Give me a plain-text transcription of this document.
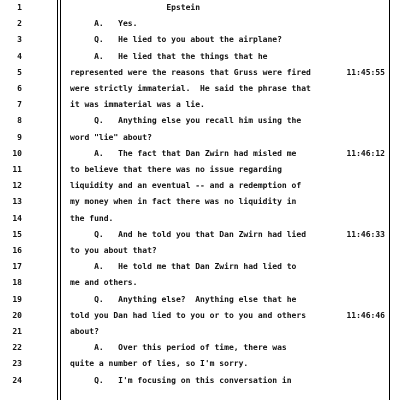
1	Epstein
2	A.   Yes.
3	Q.   He lied to you about the airplane?
4	A.   He lied that the things that he
5	represented were the reasons that Gruss were fired	11:45:55
6	were strictly immaterial.  He said the phrase that
7	it was immaterial was a lie.
8	Q.   Anything else you recall him using the
9	word "lie" about?
10	A.   The fact that Dan Zwirn had misled me	11:46:12
11	to believe that there was no issue regarding
12	liquidity and an eventual -- and a redemption of
13	my money when in fact there was no liquidity in
14	the fund.
15	Q.   And he told you that Dan Zwirn had lied	11:46:33
16	to you about that?
17	A.   He told me that Dan Zwirn had lied to
18	me and others.
19	Q.   Anything else?  Anything else that he
20	told you Dan had lied to you or to you and others	11:46:46
21	about?
22	A.   Over this period of time, there was
23	quite a number of lies, so I'm sorry.
24	Q.   I'm focusing on this conversation in
